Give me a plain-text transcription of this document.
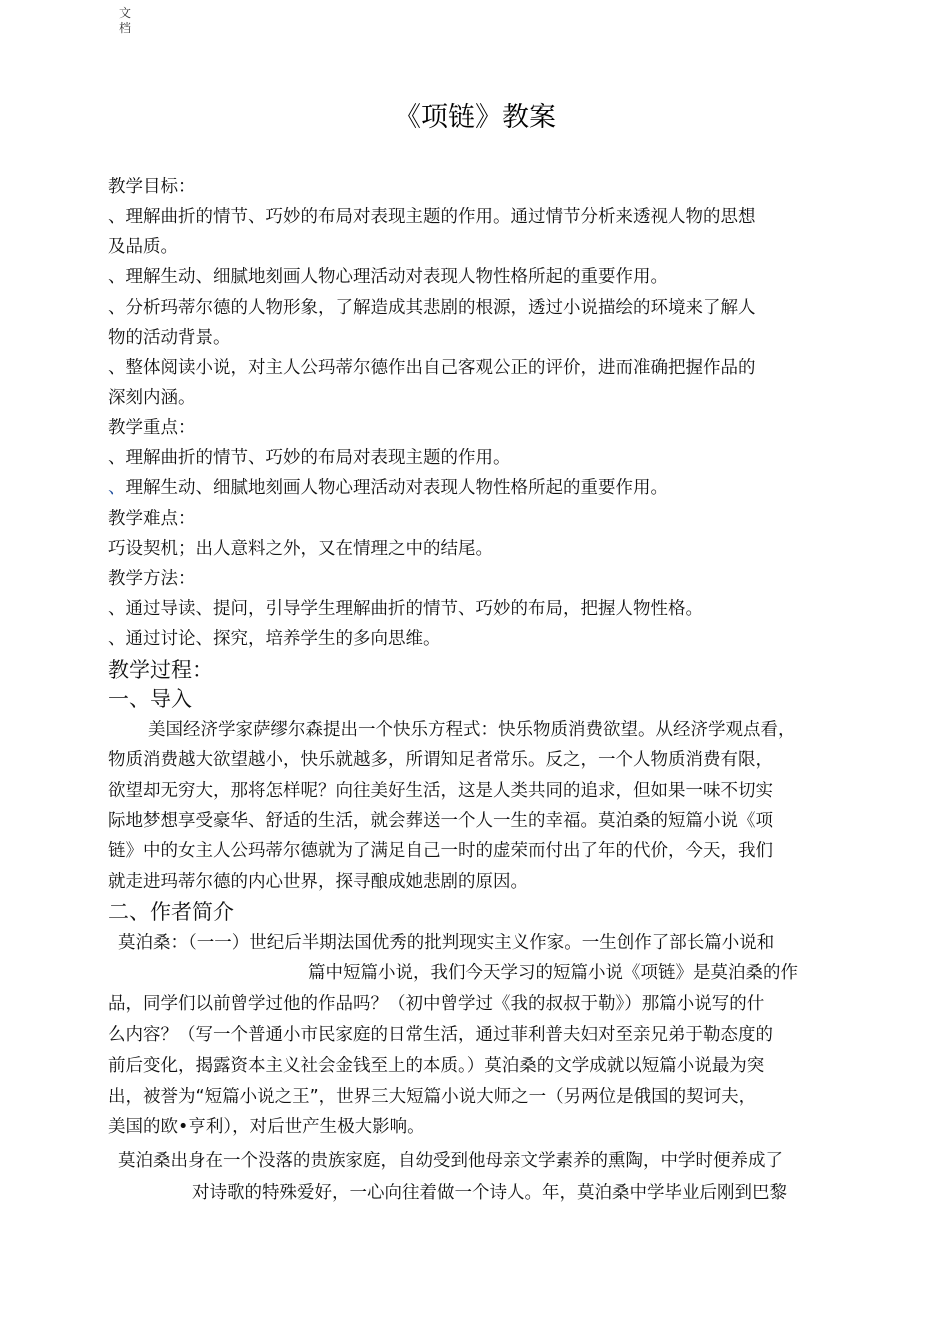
文档
《项链》教案
教学目标：
、理解曲折的情节、巧妙的布局对表现主题的作用。通过情节分析来透视人物的思想
及品质。
、理解生动、细腻地刻画人物心理活动对表现人物性格所起的重要作用。
、分析玛蒂尔德的人物形象，了解造成其悲剧的根源，透过小说描绘的环境来了解人
物的活动背景。
、整体阅读小说，对主人公玛蒂尔德作出自己客观公正的评价，进而准确把握作品的
深刻内涵。
教学重点：
、理解曲折的情节、巧妙的布局对表现主题的作用。
、理解生动、细腻地刻画人物心理活动对表现人物性格所起的重要作用。
教学难点：
巧设契机；出人意料之外，又在情理之中的结尾。
教学方法：
、通过导读、提问，引导学生理解曲折的情节、巧妙的布局，把握人物性格。
、通过讨论、探究，培养学生的多向思维。
教学过程：
一、导入
美国经济学家萨缪尔森提出一个快乐方程式：快乐物质消费欲望。从经济学观点看，
物质消费越大欲望越小，快乐就越多，所谓知足者常乐。反之，一个人物质消费有限，
欲望却无穷大，那将怎样呢？向往美好生活，这是人类共同的追求，但如果一味不切实
际地梦想享受豪华、舒适的生活，就会葬送一个人一生的幸福。莫泊桑的短篇小说《项
链》中的女主人公玛蒂尔德就为了满足自己一时的虚荣而付出了年的代价，今天，我们
就走进玛蒂尔德的内心世界，探寻酿成她悲剧的原因。
二、作者简介
莫泊桑：（一一）世纪后半期法国优秀的批判现实主义作家。一生创作了部长篇小说和
篇中短篇小说，我们今天学习的短篇小说《项链》是莫泊桑的作
品，同学们以前曾学过他的作品吗？（初中曾学过《我的叔叔于勒》）那篇小说写的什
么内容？（写一个普通小市民家庭的日常生活，通过菲利普夫妇对至亲兄弟于勒态度的
前后变化，揭露资本主义社会金钱至上的本质。）莫泊桑的文学成就以短篇小说最为突
出，被誉为“短篇小说之王”，世界三大短篇小说大师之一（另两位是俄国的契诃夫，
美国的欧•亨利），对后世产生极大影响。
莫泊桑出身在一个没落的贵族家庭，自幼受到他母亲文学素养的熏陶，中学时便养成了
对诗歌的特殊爱好，一心向往着做一个诗人。年，莫泊桑中学毕业后刚到巴黎
